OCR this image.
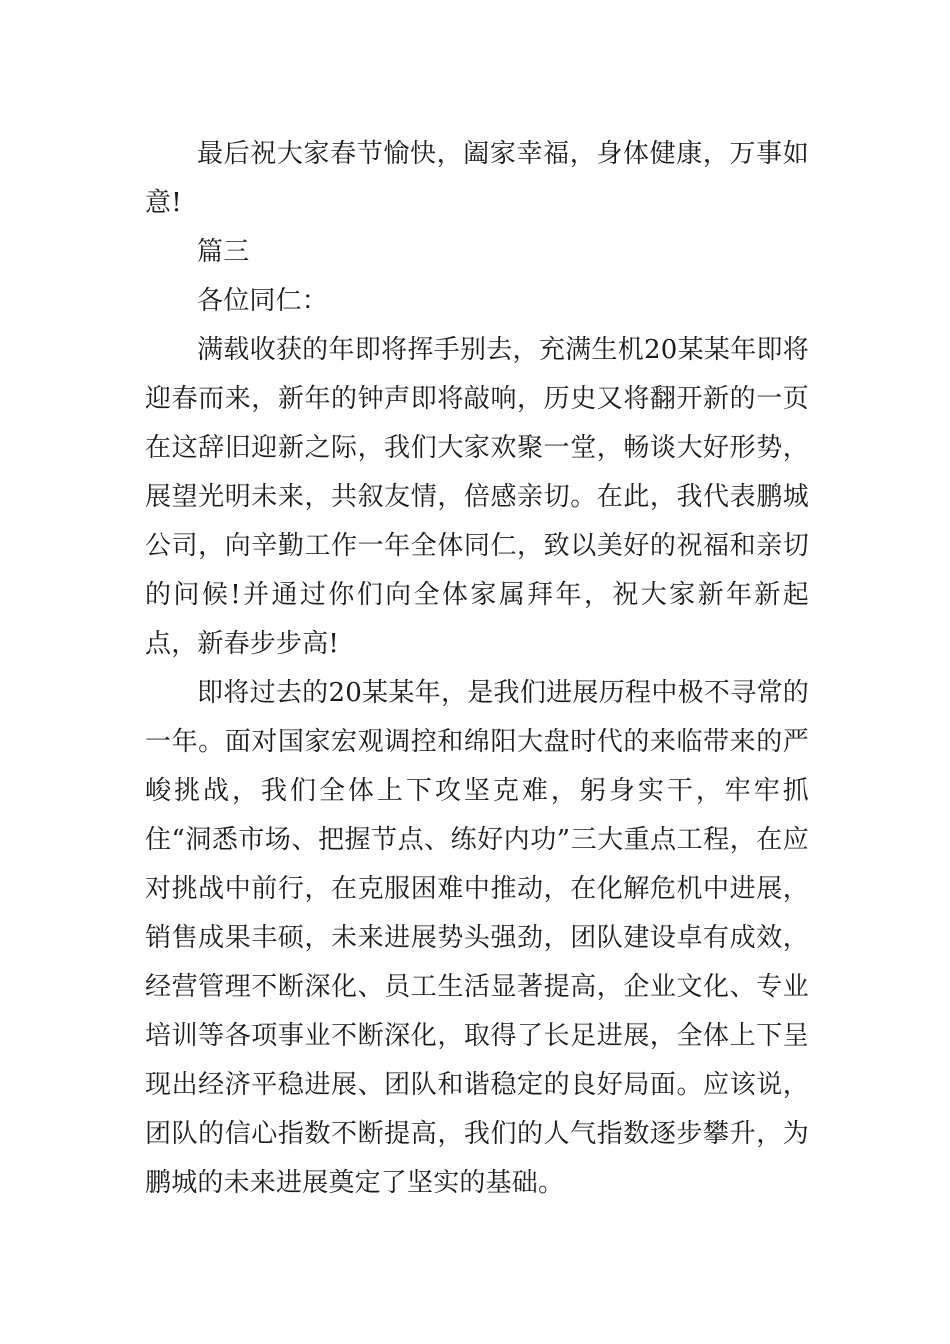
最后祝大家春节愉快，阖家幸福，身体健康，万事如意!

篇三

各位同仁：

满载收获的年即将挥手别去，充满生机20某某年即将迎春而来，新年的钟声即将敲响，历史又将翻开新的一页在这辞旧迎新之际，我们大家欢聚一堂，畅谈大好形势，展望光明未来，共叙友情，倍感亲切。在此，我代表鹏城公司，向辛勤工作一年全体同仁，致以美好的祝福和亲切的问候!并通过你们向全体家属拜年，祝大家新年新起点，新春步步高!

即将过去的20某某年，是我们进展历程中极不寻常的一年。面对国家宏观调控和绵阳大盘时代的来临带来的严峻挑战，我们全体上下攻坚克难，躬身实干，牢牢抓住“洞悉市场、把握节点、练好内功”三大重点工程，在应对挑战中前行，在克服困难中推动，在化解危机中进展，销售成果丰硕，未来进展势头强劲，团队建设卓有成效，经营管理不断深化、员工生活显著提高，企业文化、专业培训等各项事业不断深化，取得了长足进展，全体上下呈现出经济平稳进展、团队和谐稳定的良好局面。应该说，团队的信心指数不断提高，我们的人气指数逐步攀升，为鹏城的未来进展奠定了坚实的基础。
